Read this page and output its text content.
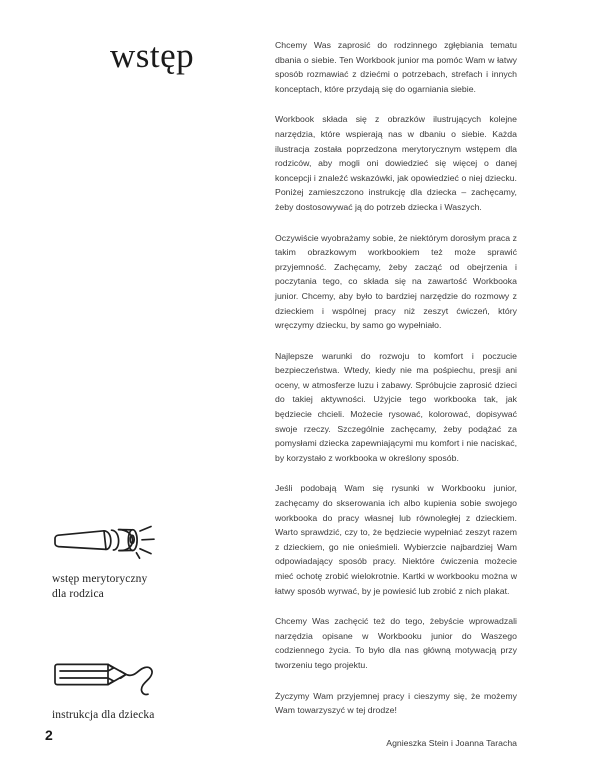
wstęp
wstęp merytoryczny
dla rodzica
instrukcja dla dziecka
2

Chcemy Was zaprosić do rodzinnego zgłębiania tematu dbania o siebie. Ten Workbook junior ma pomóc Wam w łatwy sposób rozmawiać z dziećmi o potrzebach, strefach i innych konceptach, które przydają się do ogarniania siebie.

Workbook składa się z obrazków ilustrujących kolejne narzędzia, które wspierają nas w dbaniu o siebie. Każda ilustracja została poprzedzona merytorycznym wstępem dla rodziców, aby mogli oni dowiedzieć się więcej o danej koncepcji i znaleźć wskazówki, jak opowiedzieć o niej dziecku. Poniżej zamieszczono instrukcję dla dziecka – zachęcamy, żeby dostosowywać ją do potrzeb dziecka i Waszych.

Oczywiście wyobrażamy sobie, że niektórym dorosłym praca z takim obrazkowym workbookiem też może sprawić przyjemność. Zachęcamy, żeby zacząć od obejrzenia i poczytania tego, co składa się na zawartość Workbooka junior. Chcemy, aby było to bardziej narzędzie do rozmowy z dzieckiem i wspólnej pracy niż zeszyt ćwiczeń, który wręczymy dziecku, by samo go wypełniało.

Najlepsze warunki do rozwoju to komfort i poczucie bezpieczeństwa. Wtedy, kiedy nie ma pośpiechu, presji ani oceny, w atmosferze luzu i zabawy. Spróbujcie zaprosić dzieci do takiej aktywności. Użyjcie tego workbooka tak, jak będziecie chcieli. Możecie rysować, kolorować, dopisywać swoje rzeczy. Szczególnie zachęcamy, żeby podążać za pomysłami dziecka zapewniającymi mu komfort i nie naciskać, by korzystało z workbooka w określony sposób.

Jeśli podobają Wam się rysunki w Workbooku junior, zachęcamy do skserowania ich albo kupienia sobie swojego workbooka do pracy własnej lub równoległej z dzieckiem. Warto sprawdzić, czy to, że będziecie wypełniać zeszyt razem z dzieckiem, go nie onieśmieli. Wybierzcie najbardziej Wam odpowiadający sposób pracy. Niektóre ćwiczenia możecie mieć ochotę zrobić wielokrotnie. Kartki w workbooku można w łatwy sposób wyrwać, by je powiesić lub zrobić z nich plakat.

Chcemy Was zachęcić też do tego, żebyście wprowadzali narzędzia opisane w Workbooku junior do Waszego codziennego życia. To było dla nas główną motywacją przy tworzeniu tego projektu.

Życzymy Wam przyjemnej pracy i cieszymy się, że możemy Wam towarzyszyć w tej drodze!

Agnieszka Stein i Joanna Taracha
